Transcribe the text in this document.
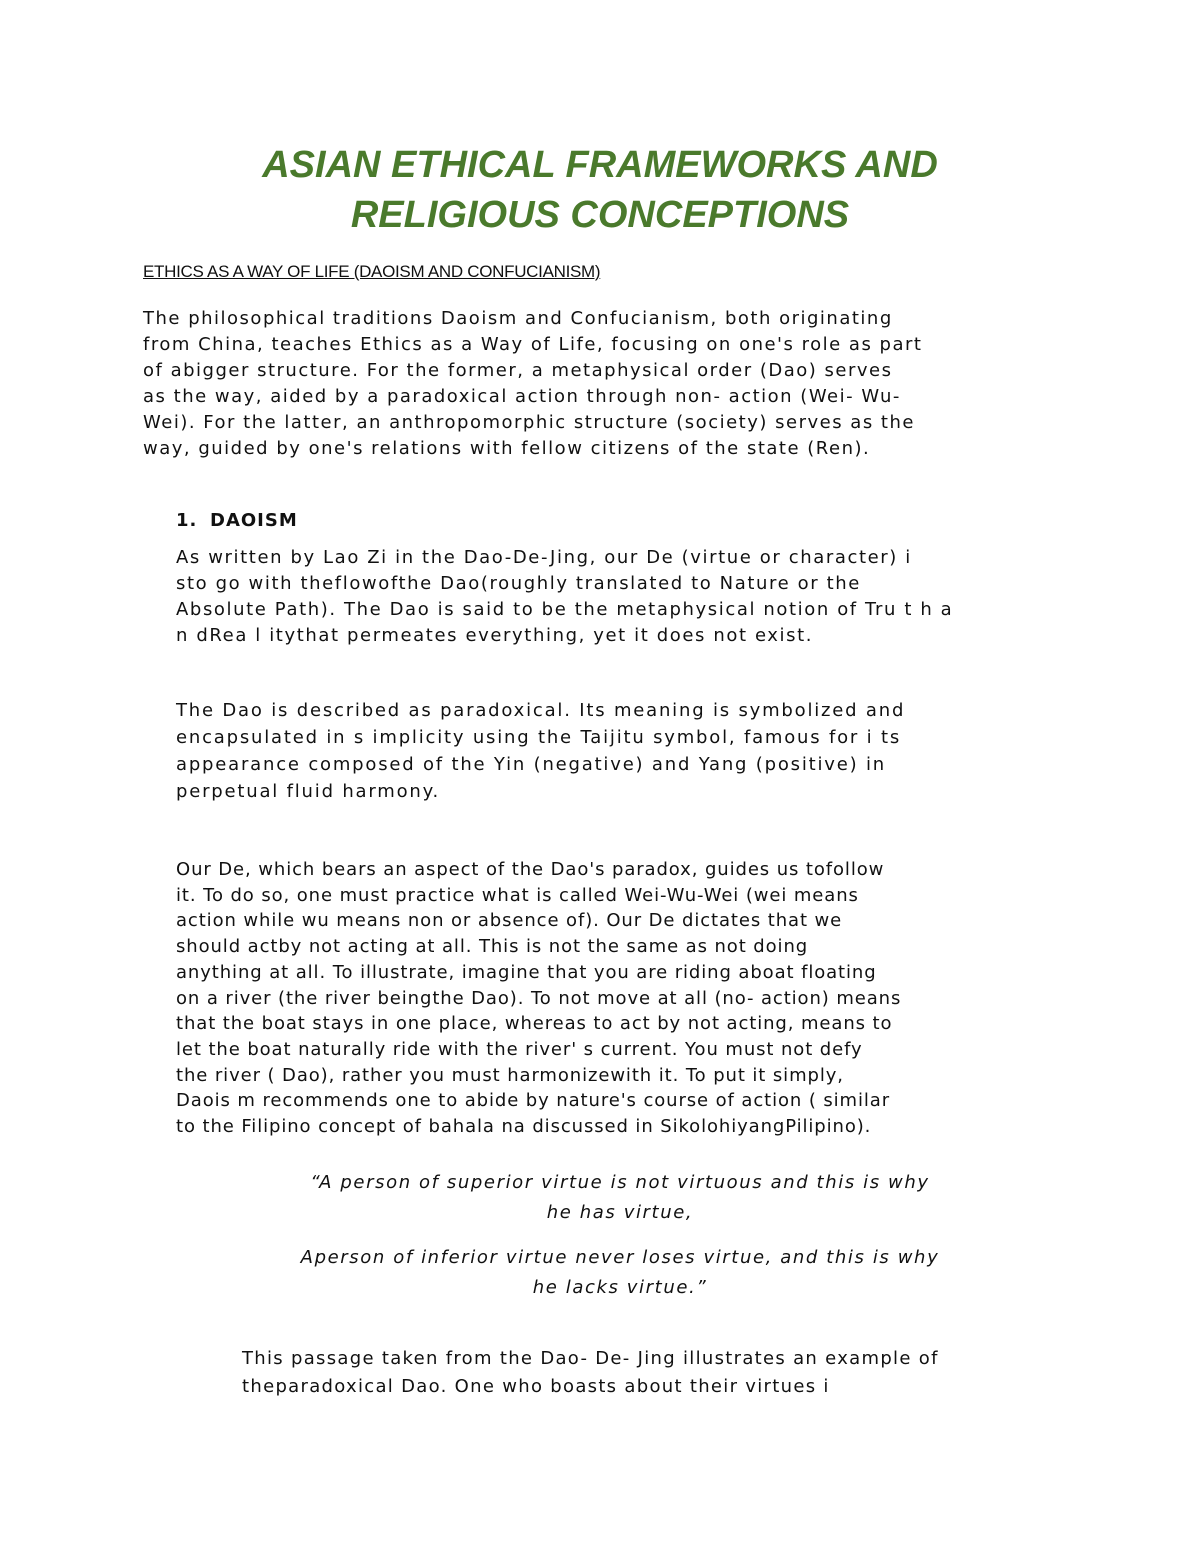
ASIAN ETHICAL FRAMEWORKS AND
RELIGIOUS CONCEPTIONS
ETHICS AS A WAY OF LIFE (DAOISM AND CONFUCIANISM)
The philosophical traditions Daoism and Confucianism, both originating
from China, teaches Ethics as a Way of Life, focusing on one's role as part
of abigger structure. For the former, a metaphysical order (Dao) serves
as the way, aided by a paradoxical action through non- action (Wei- Wu-
Wei). For the latter, an anthropomorphic structure (society) serves as the
way, guided by one's relations with fellow citizens of the state (Ren).
1. DAOISM
As written by Lao Zi in the Dao-De-Jing, our De (virtue or character) i
sto go with theflowofthe Dao(roughly translated to Nature or the
Absolute Path). The Dao is said to be the metaphysical notion of Tru t h a
n dRea l itythat permeates everything, yet it does not exist.
The Dao is described as paradoxical. Its meaning is symbolized and
encapsulated in s implicity using the Taijitu symbol, famous for i ts
appearance composed of the Yin (negative) and Yang (positive) in
perpetual fluid harmony.
Our De, which bears an aspect of the Dao's paradox, guides us tofollow
it. To do so, one must practice what is called Wei-Wu-Wei (wei means
action while wu means non or absence of). Our De dictates that we
should actby not acting at all. This is not the same as not doing
anything at all. To illustrate, imagine that you are riding aboat floating
on a river (the river beingthe Dao). To not move at all (no- action) means
that the boat stays in one place, whereas to act by not acting, means to
let the boat naturally ride with the river' s current. You must not defy
the river ( Dao), rather you must harmonizewith it. To put it simply,
Daois m recommends one to abide by nature's course of action ( similar
to the Filipino concept of bahala na discussed in SikolohiyangPilipino).
“A person of superior virtue is not virtuous and this is why
he has virtue,
Aperson of inferior virtue never loses virtue, and this is why
he lacks virtue.”
This passage taken from the Dao- De- Jing illustrates an example of
theparadoxical Dao. One who boasts about their virtues i
